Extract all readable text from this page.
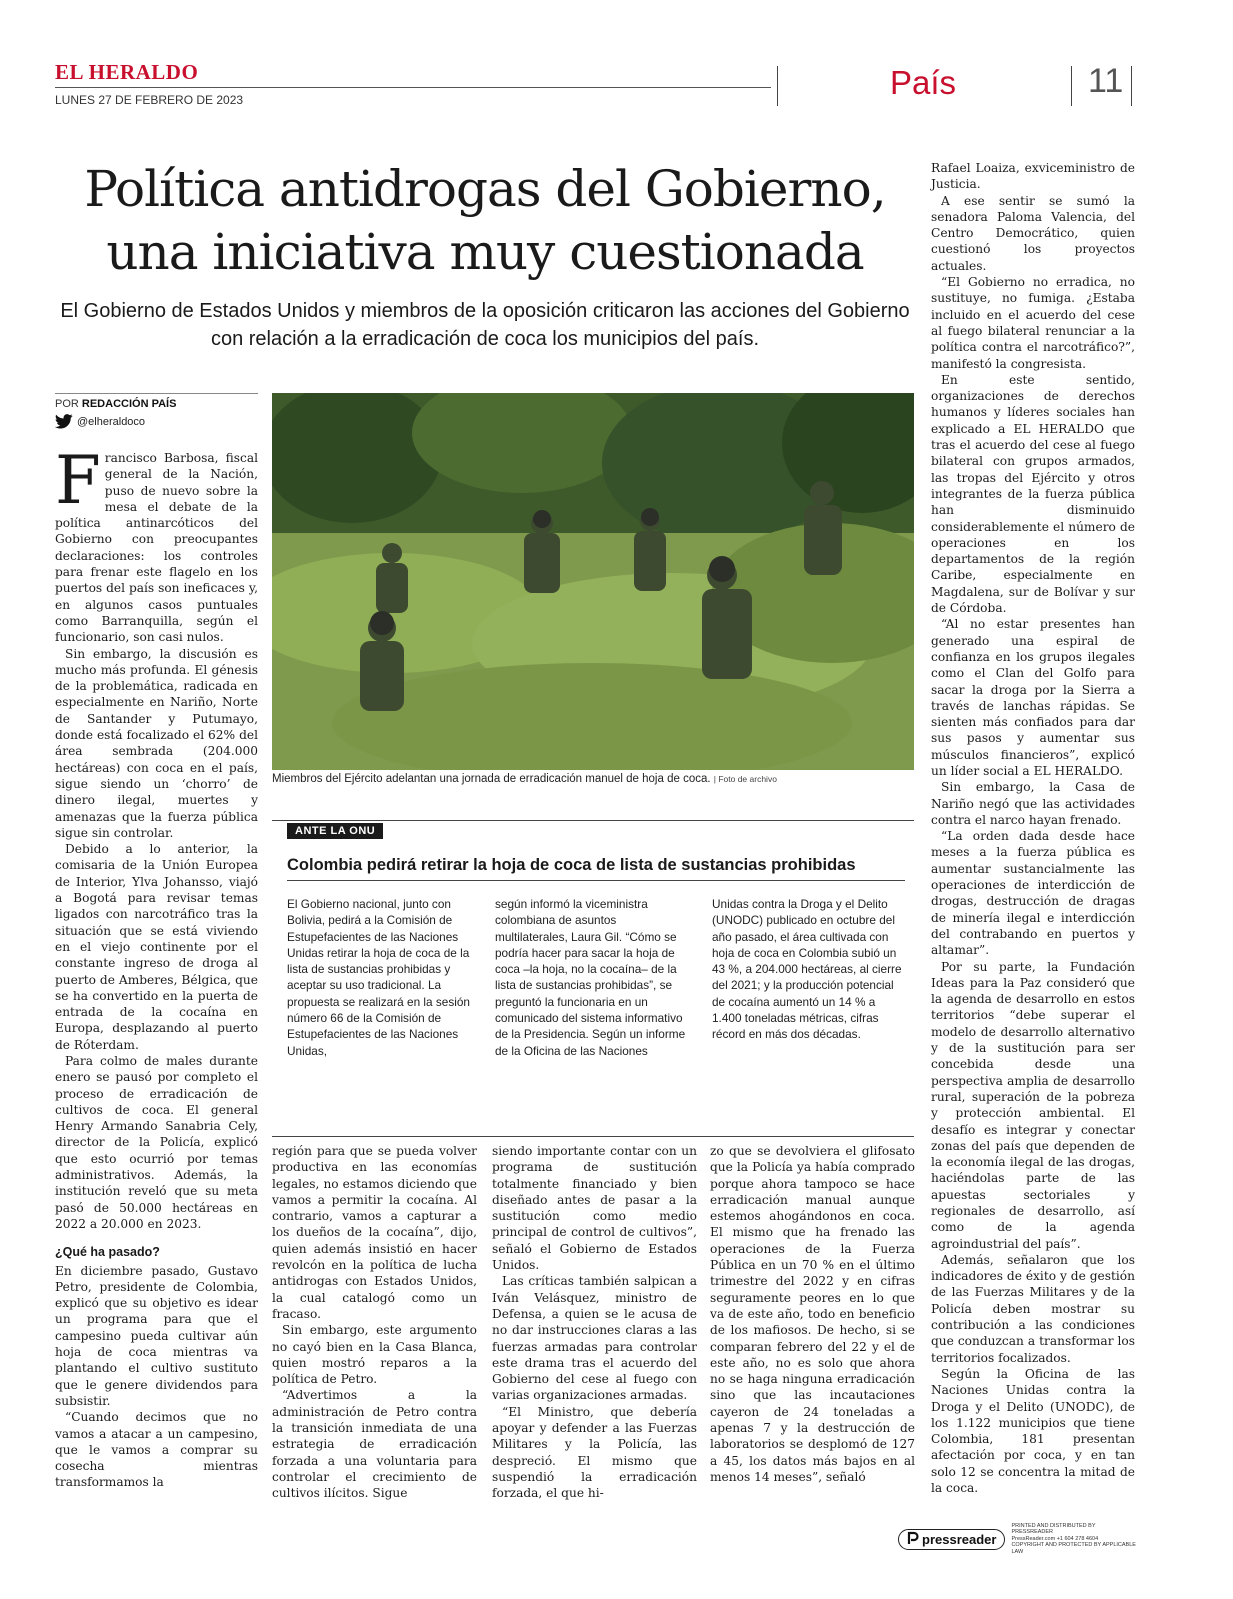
EL HERALDO
LUNES 27 DE FEBRERO DE 2023	País	11
Política antidrogas del Gobierno,
una iniciativa muy cuestionada
El Gobierno de Estados Unidos y miembros de la oposición criticaron las acciones del Gobierno con relación a la erradicación de coca los municipios del país.
POR REDACCIÓN PAÍS
@elheraldoco

Francisco Barbosa, fiscal general de la Nación, puso de nuevo sobre la mesa el debate de la política antinarcóticos del Gobierno con preocupantes declaraciones: los controles para frenar este flagelo en los puertos del país son ineficaces y, en algunos casos puntuales como Barranquilla, según el funcionario, son casi nulos.

Sin embargo, la discusión es mucho más profunda. El génesis de la problemática, radicada en especialmente en Nariño, Norte de Santander y Putumayo, donde está focalizado el 62% del área sembrada (204.000 hectáreas) con coca en el país, sigue siendo un ‘chorro’ de dinero ilegal, muertes y amenazas que la fuerza pública sigue sin controlar.

Debido a lo anterior, la comisaria de la Unión Europea de Interior, Ylva Johansso, viajó a Bogotá para revisar temas ligados con narcotráfico tras la situación que se está viviendo en el viejo continente por el constante ingreso de droga al puerto de Amberes, Bélgica, que se ha convertido en la puerta de entrada de la cocaína en Europa, desplazando al puerto de Róterdam.

Para colmo de males durante enero se pausó por completo el proceso de erradicación de cultivos de coca. El general Henry Armando Sanabria Cely, director de la Policía, explicó que esto ocurrió por temas administrativos. Además, la institución reveló que su meta pasó de 50.000 hectáreas en 2022 a 20.000 en 2023.

¿Qué ha pasado?

En diciembre pasado, Gustavo Petro, presidente de Colombia, explicó que su objetivo es idear un programa para que el campesino pueda cultivar aún hoja de coca mientras va plantando el cultivo sustituto que le genere dividendos para subsistir.

“Cuando decimos que no vamos a atacar a un campesino, que le vamos a comprar su cosecha mientras transformamos la

Miembros del Ejército adelantan una jornada de erradicación manuel de hoja de coca. | Foto de archivo
ANTE LA ONU
Colombia pedirá retirar la hoja de coca de lista de sustancias prohibidas

El Gobierno nacional, junto con Bolivia, pedirá a la Comisión de Estupefacientes de las Naciones Unidas retirar la hoja de coca de la lista de sustancias prohibidas y aceptar su uso tradicional. La propuesta se realizará en la sesión número 66 de la Comisión de Estupefacientes de las Naciones Unidas,

según informó la viceministra colombiana de asuntos multilaterales, Laura Gil. “Cómo se podría hacer para sacar la hoja de coca –la hoja, no la cocaína– de la lista de sustancias prohibidas”, se preguntó la funcionaria en un comunicado del sistema informativo de la Presidencia. Según un informe de la Oficina de las Naciones

Unidas contra la Droga y el Delito (UNODC) publicado en octubre del año pasado, el área cultivada con hoja de coca en Colombia subió un 43 %, a 204.000 hectáreas, al cierre del 2021; y la producción potencial de cocaína aumentó un 14 % a 1.400 toneladas métricas, cifras récord en más dos décadas.

región para que se pueda volver productiva en las economías legales, no estamos diciendo que vamos a permitir la cocaína. Al contrario, vamos a capturar a los dueños de la cocaína”, dijo, quien además insistió en hacer revolcón en la política de lucha antidrogas con Estados Unidos, la cual catalogó como un fracaso.

Sin embargo, este argumento no cayó bien en la Casa Blanca, quien mostró reparos a la política de Petro.

“Advertimos a la administración de Petro contra la transición inmediata de una estrategia de erradicación forzada a una voluntaria para controlar el crecimiento de cultivos ilícitos. Sigue

siendo importante contar con un programa de sustitución totalmente financiado y bien diseñado antes de pasar a la sustitución como medio principal de control de cultivos”, señaló el Gobierno de Estados Unidos.

Las críticas también salpican a Iván Velásquez, ministro de Defensa, a quien se le acusa de no dar instrucciones claras a las fuerzas armadas para controlar este drama tras el acuerdo del Gobierno del cese al fuego con varias organizaciones armadas.

“El Ministro, que debería apoyar y defender a las Fuerzas Militares y la Policía, las despreció. El mismo que suspendió la erradicación forzada, el que hi-

zo que se devolviera el glifosato que la Policía ya había comprado porque ahora tampoco se hace erradicación manual aunque estemos ahogándonos en coca. El mismo que ha frenado las operaciones de la Fuerza Pública en un 70 % en el último trimestre del 2022 y en cifras seguramente peores en lo que va de este año, todo en beneficio de los mafiosos. De hecho, si se comparan febrero del 22 y el de este año, no es solo que ahora no se haga ninguna erradicación sino que las incautaciones cayeron de 24 toneladas a apenas 7 y la destrucción de laboratorios se desplomó de 127 a 45, los datos más bajos en al menos 14 meses”, señaló

Rafael Loaiza, exviceministro de Justicia.

A ese sentir se sumó la senadora Paloma Valencia, del Centro Democrático, quien cuestionó los proyectos actuales.

“El Gobierno no erradica, no sustituye, no fumiga. ¿Estaba incluido en el acuerdo del cese al fuego bilateral renunciar a la política contra el narcotráfico?”, manifestó la congresista.

En este sentido, organizaciones de derechos humanos y líderes sociales han explicado a EL HERALDO que tras el acuerdo del cese al fuego bilateral con grupos armados, las tropas del Ejército y otros integrantes de la fuerza pública han disminuido considerablemente el número de operaciones en los departamentos de la región Caribe, especialmente en Magdalena, sur de Bolívar y sur de Córdoba.

“Al no estar presentes han generado una espiral de confianza en los grupos ilegales como el Clan del Golfo para sacar la droga por la Sierra a través de lanchas rápidas. Se sienten más confiados para dar sus pasos y aumentar sus músculos financieros”, explicó un líder social a EL HERALDO.

Sin embargo, la Casa de Nariño negó que las actividades contra el narco hayan frenado.

“La orden dada desde hace meses a la fuerza pública es aumentar sustancialmente las operaciones de interdicción de drogas, destrucción de dragas de minería ilegal e interdicción del contrabando en puertos y altamar”.

Por su parte, la Fundación Ideas para la Paz consideró que la agenda de desarrollo en estos territorios “debe superar el modelo de desarrollo alternativo y de la sustitución para ser concebida desde una perspectiva amplia de desarrollo rural, superación de la pobreza y protección ambiental. El desafío es integrar y conectar zonas del país que dependen de la economía ilegal de las drogas, haciéndolas parte de las apuestas sectoriales y regionales de desarrollo, así como de la agenda agroindustrial del país”.

Además, señalaron que los indicadores de éxito y de gestión de las Fuerzas Militares y de la Policía deben mostrar su contribución a las condiciones que conduzcan a transformar los territorios focalizados.

Según la Oficina de las Naciones Unidas contra la Droga y el Delito (UNODC), de los 1.122 municipios que tiene Colombia, 181 presentan afectación por coca, y en tan solo 12 se concentra la mitad de la coca.

pressreader
PRINTED AND DISTRIBUTED BY PRESSREADER
PressReader.com +1 604 278 4604
COPYRIGHT AND PROTECTED BY APPLICABLE LAW
